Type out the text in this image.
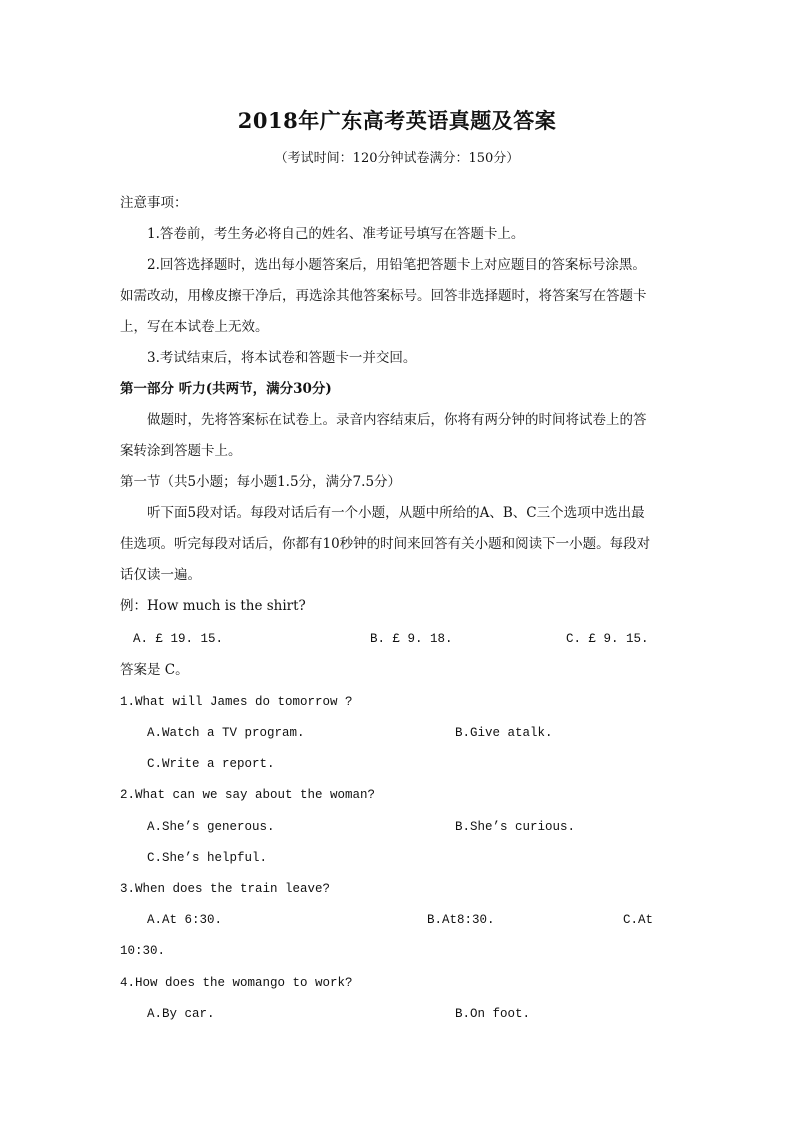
2018年广东高考英语真题及答案
（考试时间：120分钟试卷满分：150分）
注意事项：
1.答卷前，考生务必将自己的姓名、准考证号填写在答题卡上。
2.回答选择题时，选出每小题答案后，用铅笔把答题卡上对应题目的答案标号涂黑。
如需改动，用橡皮擦干净后，再选涂其他答案标号。回答非选择题时，将答案写在答题卡
上，写在本试卷上无效。
3.考试结束后，将本试卷和答题卡一并交回。
第一部分 听力(共两节，满分30分)
做题时，先将答案标在试卷上。录音内容结束后，你将有两分钟的时间将试卷上的答
案转涂到答题卡上。
第一节（共5小题；每小题1.5分，满分7.5分）
听下面5段对话。每段对话后有一个小题，从题中所给的A、B、C三个选项中选出最
佳选项。听完每段对话后，你都有10秒钟的时间来回答有关小题和阅读下一小题。每段对
话仅读一遍。
例：How much is the shirt?
A. £ 19. 15.	B. £ 9. 18.	C. £ 9. 15.
答案是 C。
1.What will James do tomorrow ?
A.Watch a TV program.	B.Give atalk.
C.Write a report.
2.What can we say about the woman?
A.She’s generous.	B.She’s curious.
C.She’s helpful.
3.When does the train leave?
A.At 6:30.	B.At8:30.	C.At
10:30.
4.How does the womango to work?
A.By car.	B.On foot.
